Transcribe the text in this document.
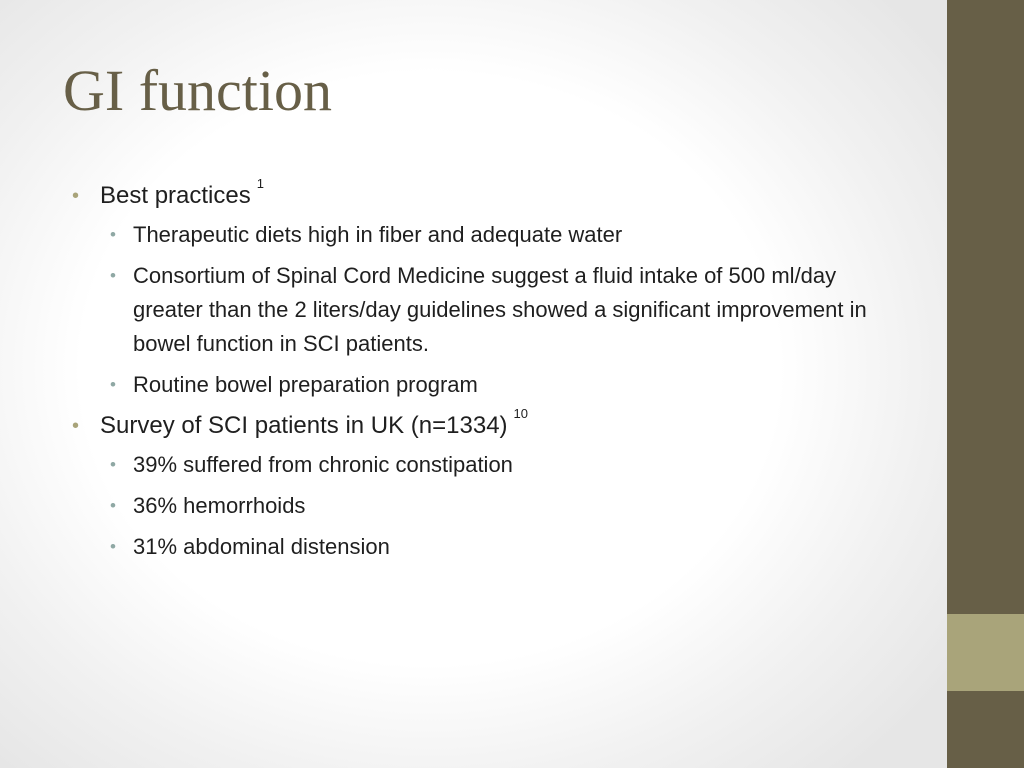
GI function
• Best practices $^1$
• Therapeutic diets high in fiber and adequate water
• Consortium of Spinal Cord Medicine suggest a fluid intake of 500 ml/day greater than the 2 liters/day guidelines showed a significant improvement in bowel function in SCI patients.
• Routine bowel preparation program
• Survey of SCI patients in UK (n=1334) $^{10}$
• 39% suffered from chronic constipation
• 36% hemorrhoids
• 31% abdominal distension
